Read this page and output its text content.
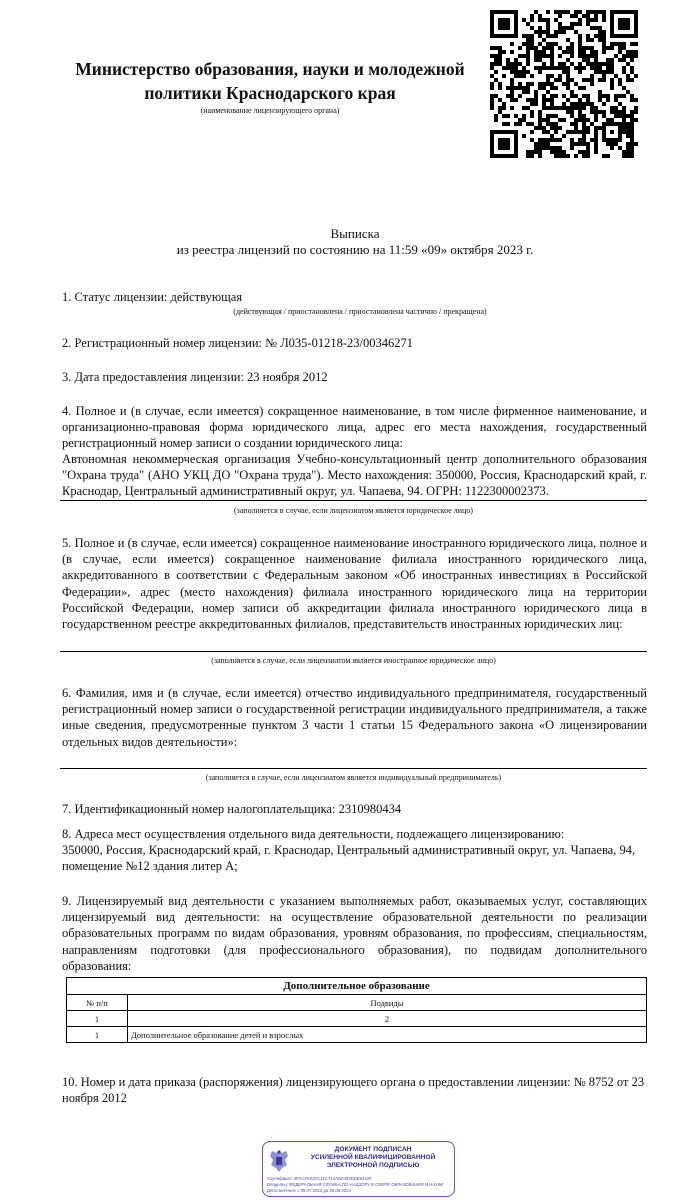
Министерство образования, науки и молодежной
политики Краснодарского края
(наименование лицензирующего органа)
Выписка
из реестра лицензий по состоянию на 11:59 «09» октября 2023 г.
1. Статус лицензии: действующая
(действующая / приостановлена / приостановлена частично / прекращена)
2. Регистрационный номер лицензии: № Л035-01218-23/00346271
3. Дата предоставления лицензии: 23 ноября 2012
4. Полное и (в случае, если имеется) сокращенное наименование, в том числе фирменное наименование, и организационно-правовая форма юридического лица, адрес его места нахождения, государственный регистрационный номер записи о создании юридического лица:
Автономная некоммерческая организация Учебно-консультационный центр дополнительного образования "Охрана труда" (АНО УКЦ ДО "Охрана труда"). Место нахождения: 350000, Россия, Краснодарский край, г. Краснодар, Центральный административный округ, ул. Чапаева, 94. ОГРН: 1122300002373.
(заполняется в случае, если лицензиатом является юридическое лицо)
5. Полное и (в случае, если имеется) сокращенное наименование иностранного юридического лица, полное и (в случае, если имеется) сокращенное наименование филиала иностранного юридического лица, аккредитованного в соответствии с Федеральным законом «Об иностранных инвестициях в Российской Федерации», адрес (место нахождения) филиала иностранного юридического лица на территории Российской Федерации, номер записи об аккредитации филиала иностранного юридического лица в государственном реестре аккредитованных филиалов, представительств иностранных юридических лиц:
(заполняется в случае, если лицензиатом является иностранное юридическое лицо)
6. Фамилия, имя и (в случае, если имеется) отчество индивидуального предпринимателя, государственный регистрационный номер записи о государственной регистрации индивидуального предпринимателя, а также иные сведения, предусмотренные пунктом 3 части 1 статьи 15 Федерального закона «О лицензировании отдельных видов деятельности»:
(заполняется в случае, если лицензиатом является индивидуальный предприниматель)
7. Идентификационный номер налогоплательщика: 2310980434
8. Адреса мест осуществления отдельного вида деятельности, подлежащего лицензированию:
350000, Россия, Краснодарский край, г. Краснодар, Центральный административный округ, ул. Чапаева, 94, помещение №12 здания литер А;
9. Лицензируемый вид деятельности с указанием выполняемых работ, оказываемых услуг, составляющих лицензируемый вид деятельности: на осуществление образовательной деятельности по реализации образовательных программ по видам образования, уровням образования, по профессиям, специальностям, направлениям подготовки (для профессионального образования), по подвидам дополнительного образования:
Дополнительное образование	
№ п/п	Подвиды
1	2
1	Дополнительное образование детей и взрослых
10. Номер и дата приказа (распоряжения) лицензирующего органа о предоставлении лицензии: № 8752 от 23 ноября 2012
ДОКУМЕНТ ПОДПИСАН
УСИЛЕННОЙ КВАЛИФИЦИРОВАННОЙ
ЭЛЕКТРОННОЙ ПОДПИСЬЮ
Сертификат: 4FACF931DC11C714AD0382DDE5410F
Владелец: ФЕДЕРАЛЬНАЯ СЛУЖБА ПО НАДЗОРУ В СФЕРЕ ОБРАЗОВАНИЯ И НАУКИ
Действителен: с 06.07.2023 до 28.09.2024
